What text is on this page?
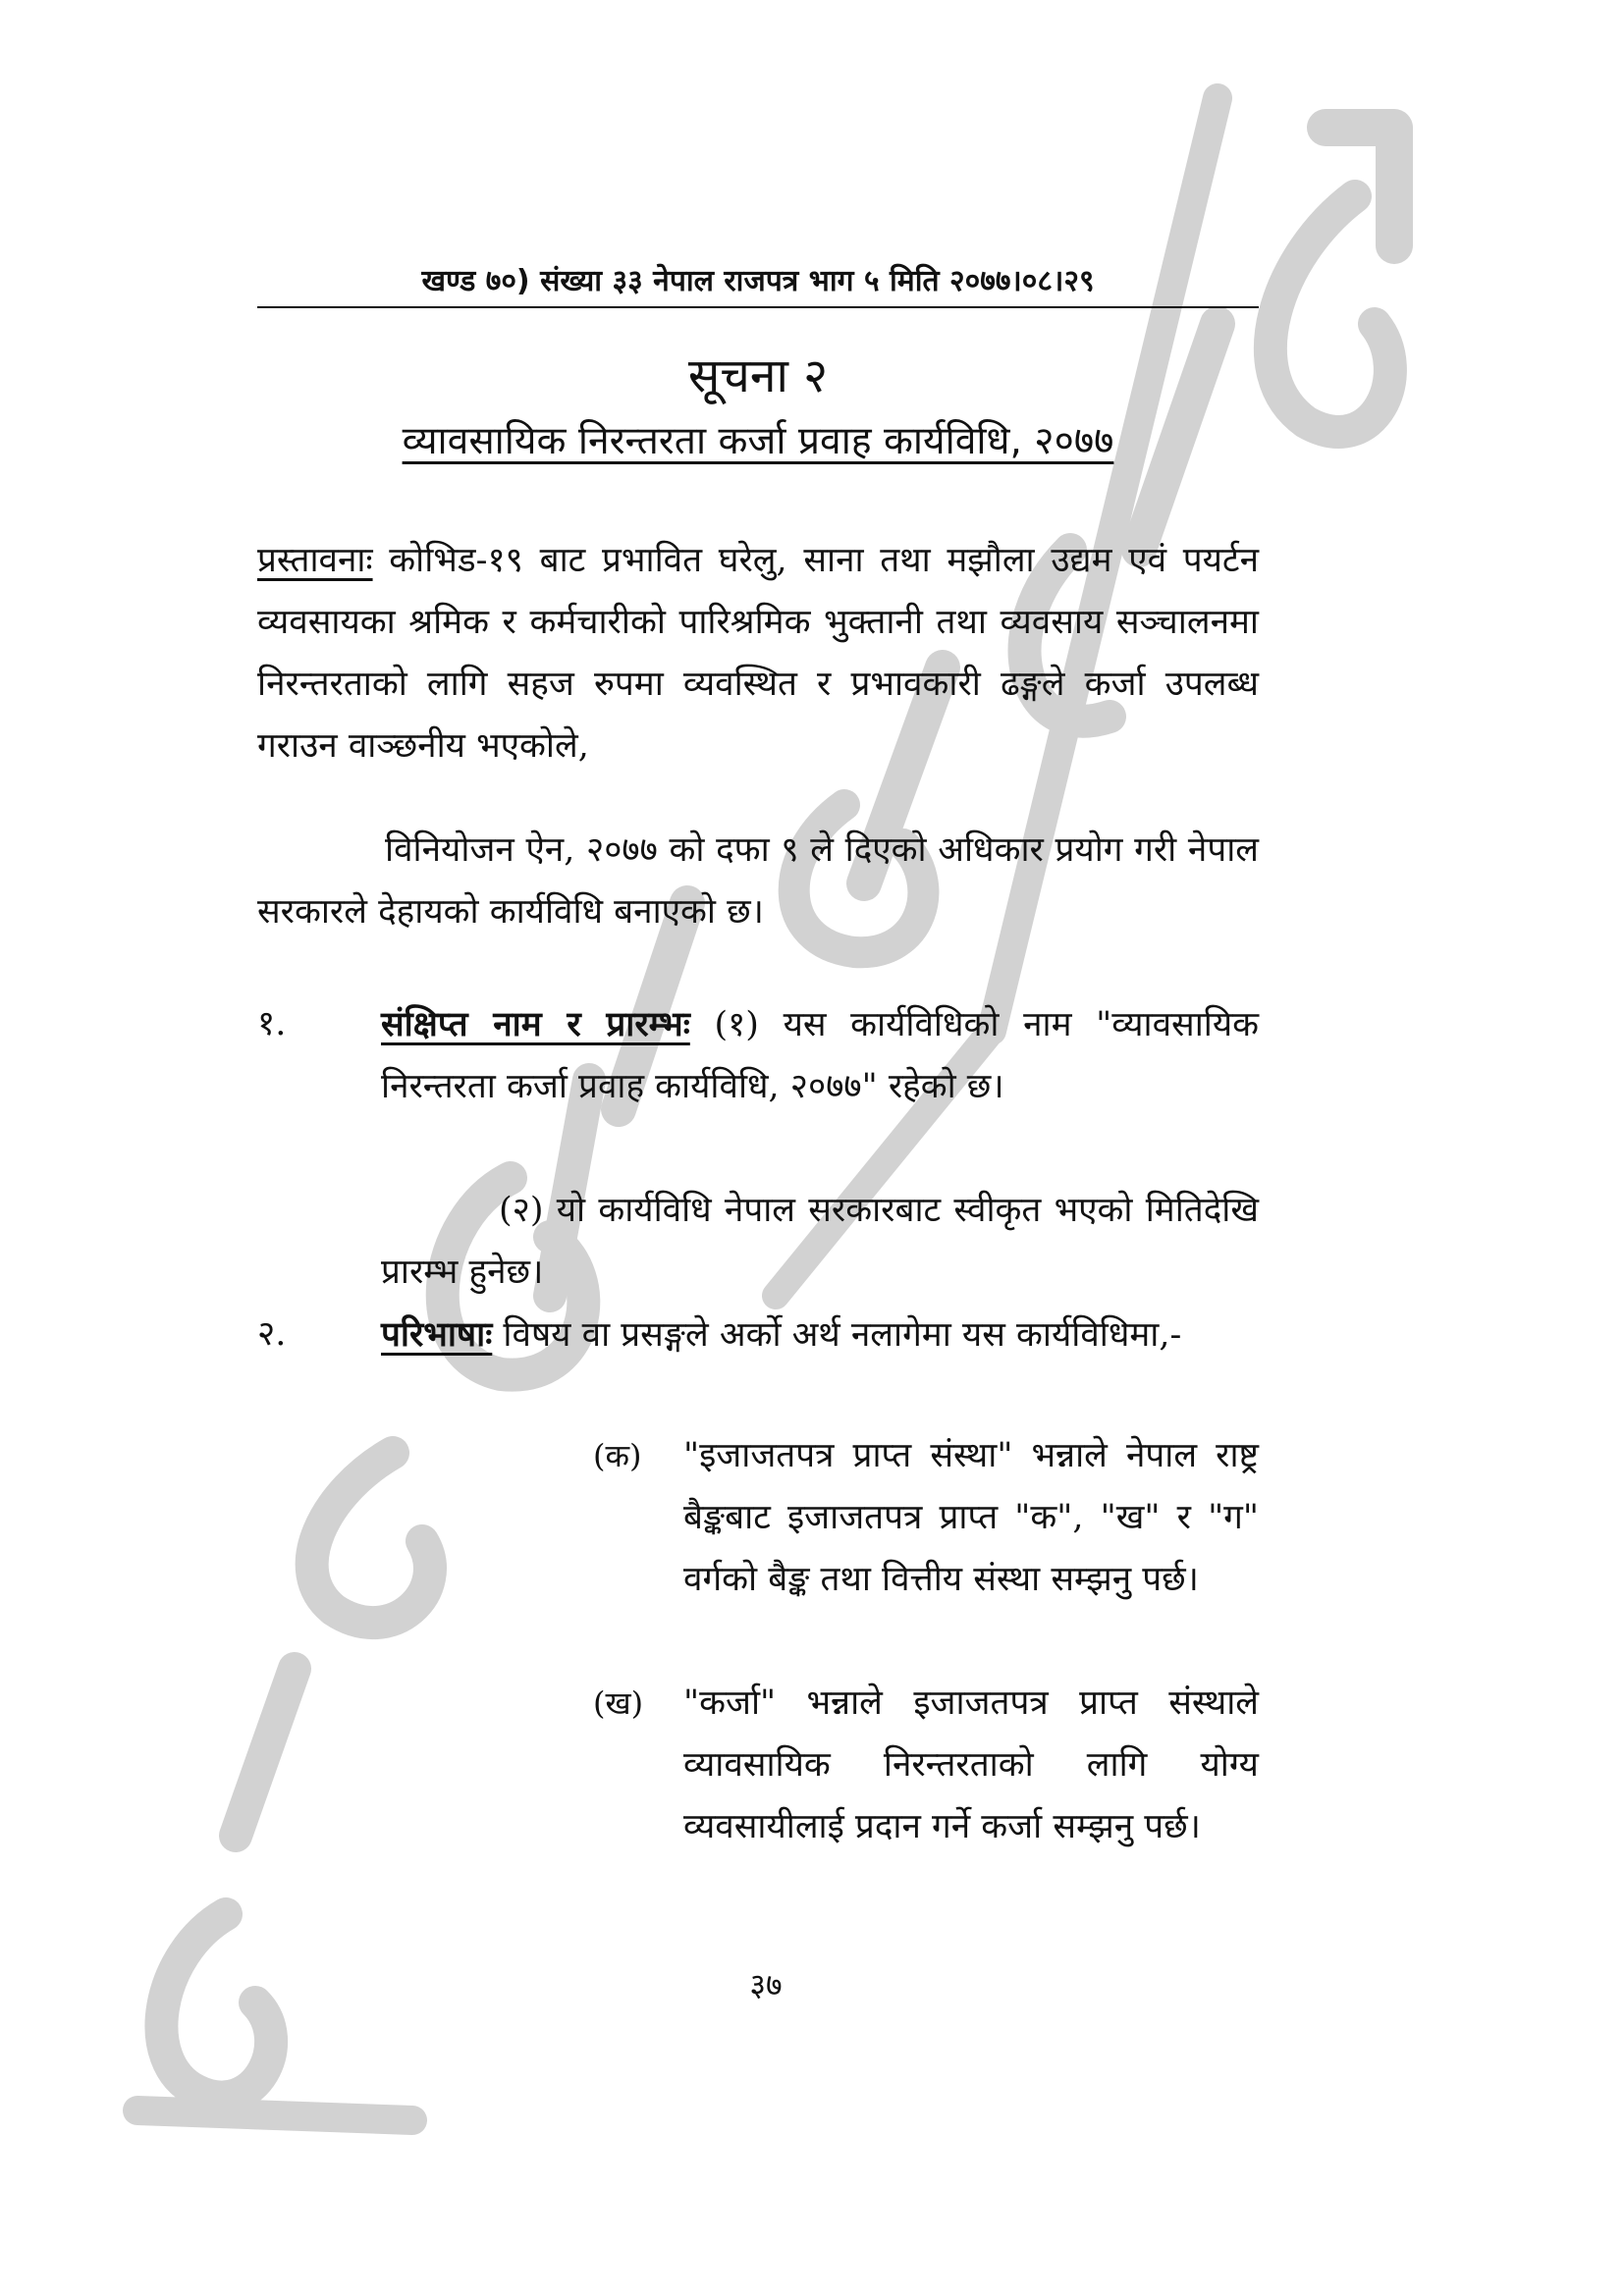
कानून किताब व्यवस्था समिति
खण्ड ७०) संख्या ३३ नेपाल राजपत्र भाग ५ मिति २०७७।०८।२९
सूचना २
व्यावसायिक निरन्तरता कर्जा प्रवाह कार्यविधि, २०७७
प्रस्तावनाः कोभिड-१९ बाट प्रभावित घरेलु, साना तथा मझौला उद्यम एवं पयर्टन व्यवसायका श्रमिक र कर्मचारीको पारिश्रमिक भुक्तानी तथा व्यवसाय सञ्चालनमा निरन्तरताको लागि सहज रुपमा व्यवस्थित र प्रभावकारी ढङ्गले कर्जा उपलब्ध गराउन वाञ्छनीय भएकोले,
विनियोजन ऐन, २०७७ को दफा ९ ले दिएको अधिकार प्रयोग गरी नेपाल सरकारले देहायको कार्यविधि बनाएको छ।
१.	संक्षिप्त नाम र प्रारम्भः (१) यस कार्यविधिको नाम "व्यावसायिक निरन्तरता कर्जा प्रवाह कार्यविधि, २०७७" रहेको छ।
(२) यो कार्यविधि नेपाल सरकारबाट स्वीकृत भएको मितिदेखि प्रारम्भ हुनेछ।
२.	परिभाषाः विषय वा प्रसङ्गले अर्को अर्थ नलागेमा यस कार्यविधिमा,-
(क) "इजाजतपत्र प्राप्त संस्था" भन्नाले नेपाल राष्ट्र बैङ्कबाट इजाजतपत्र प्राप्त "क", "ख" र "ग" वर्गको बैङ्क तथा वित्तीय संस्था सम्झनु पर्छ।
(ख) "कर्जा" भन्नाले इजाजतपत्र प्राप्त संस्थाले व्यावसायिक निरन्तरताको लागि योग्य व्यवसायीलाई प्रदान गर्ने कर्जा सम्झनु पर्छ।
३७
